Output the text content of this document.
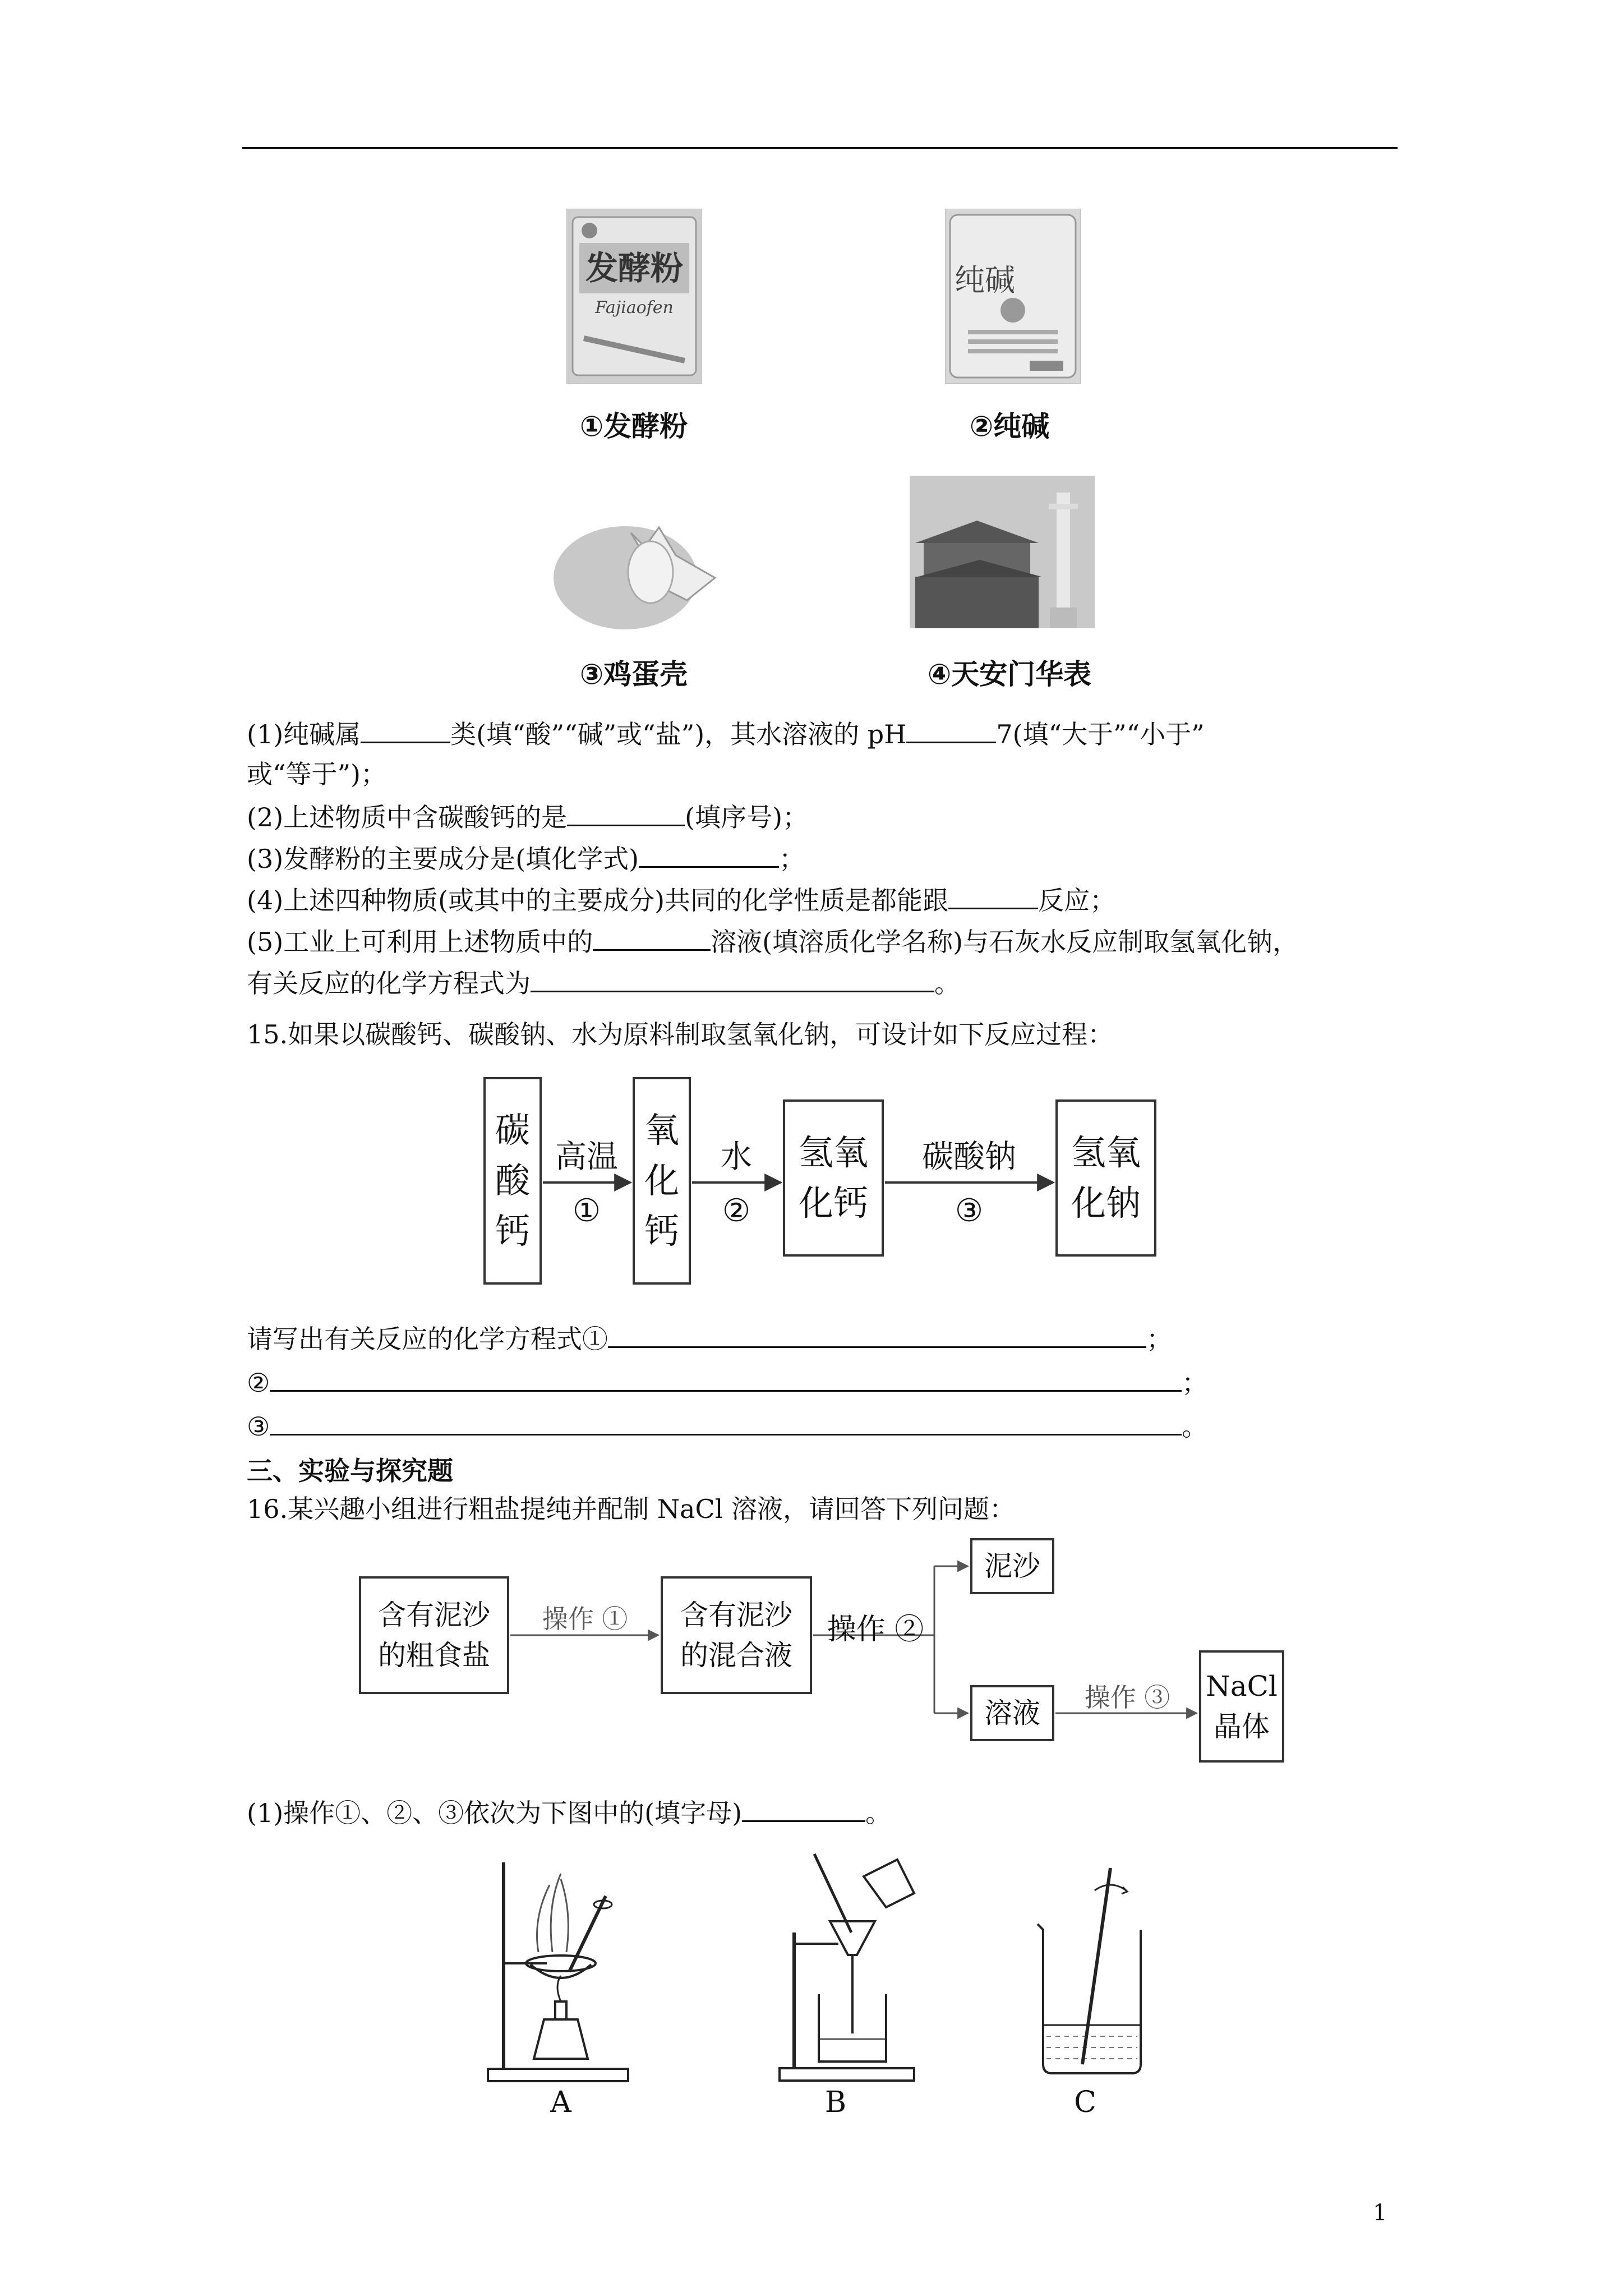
发酵粉
Fajiaofen
纯碱
①发酵粉	②纯碱
③鸡蛋壳	④天安门华表
(1)纯碱属	类(填“酸”“碱”或“盐”)，其水溶液的 pH	7(填“大于”“小于”
或“等于”)；
(2)上述物质中含碳酸钙的是	(填序号)；
(3)发酵粉的主要成分是(填化学式)	；
(4)上述四种物质(或其中的主要成分)共同的化学性质是都能跟	反应；
(5)工业上可利用上述物质中的	溶液(填溶质化学名称)与石灰水反应制取氢氧化钠，
有关反应的化学方程式为	。
15.如果以碳酸钙、碳酸钠、水为原料制取氢氧化钠，可设计如下反应过程：
碳
酸
钙
氧
化
钙
氢氧
化钙
氢氧
化钠
高温
①
水
②
碳酸钠
③
请写出有关反应的化学方程式①	；
②	；
③	。
三、实验与探究题
16.某兴趣小组进行粗盐提纯并配制 NaCl 溶液，请回答下列问题：
含有泥沙
的粗食盐
含有泥沙
的混合液
泥沙
溶液
NaCl
晶体
操作 ①	操作 ②
操作 ③
(1)操作①、②、③依次为下图中的(填字母)	。
A	B	C
1
